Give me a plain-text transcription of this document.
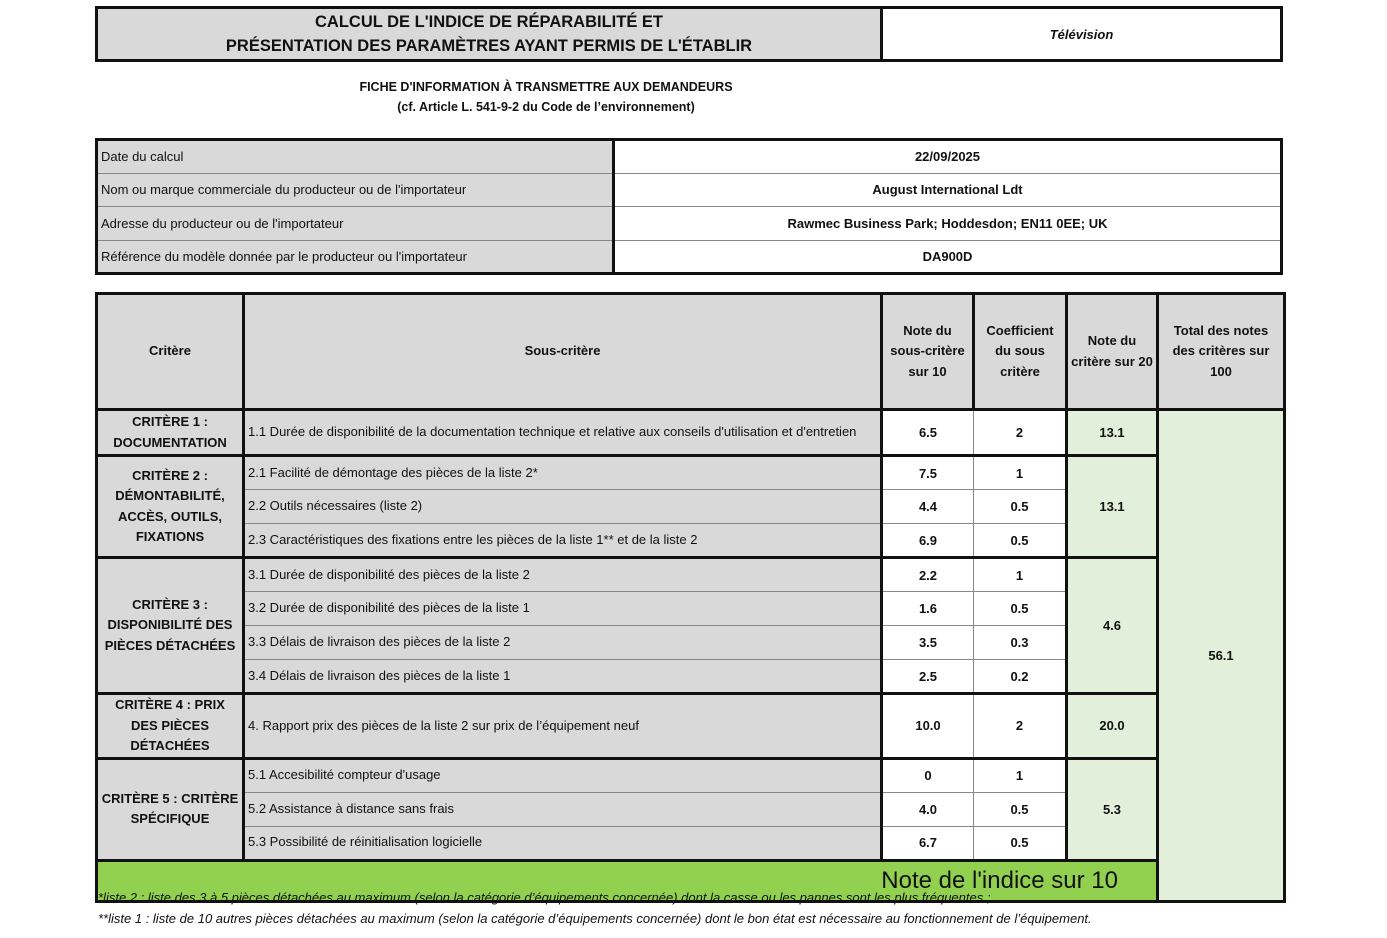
CALCUL DE L'INDICE DE RÉPARABILITÉ ET
PRÉSENTATION DES PARAMÈTRES AYANT PERMIS DE L'ÉTABLIR
Télévision
FICHE D'INFORMATION À TRANSMETTRE AUX DEMANDEURS
(cf. Article L. 541-9-2 du Code de l’environnement)
Date du calcul	22/09/2025
Nom ou marque commerciale du producteur ou de l'importateur	August International Ldt
Adresse du producteur ou de l'importateur	Rawmec Business Park; Hoddesdon; EN11 0EE; UK
Référence du modèle donnée par le producteur ou l'importateur	DA900D
Critère	Sous-critère	Note du sous-critère sur 10	Coefficient du sous critère	Note du critère sur 20	Total des notes des critères sur 100	
CRITÈRE 1 : DOCUMENTATION	1.1 Durée de disponibilité de la documentation technique et relative aux conseils d'utilisation et d'entretien	6.5	2	13.1	56.1	
CRITÈRE 2 : DÉMONTABILITÉ, ACCÈS, OUTILS, FIXATIONS	2.1 Facilité de démontage des pièces de la liste 2*	7.5	1	13.1		
	2.2 Outils nécessaires (liste 2)	4.4	0.5			
	2.3 Caractéristiques des fixations entre les pièces de la liste 1** et de la liste 2	6.9	0.5			
CRITÈRE 3 : DISPONIBILITÉ DES PIÈCES DÉTACHÉES	3.1 Durée de disponibilité des pièces de la liste 2	2.2	1	4.6		
	3.2 Durée de disponibilité des pièces de la liste 1	1.6	0.5			
	3.3 Délais de livraison des pièces de la liste 2	3.5	0.3			
	3.4 Délais de livraison des pièces de la liste 1	2.5	0.2			
CRITÈRE 4 : PRIX DES PIÈCES DÉTACHÉES	4. Rapport prix des pièces de la liste 2 sur prix de l’équipement neuf	10.0	2	20.0		
CRITÈRE 5 : CRITÈRE SPÉCIFIQUE	5.1 Accesibilité compteur d'usage	0	1	5.3		
	5.2 Assistance à distance sans frais	4.0	0.5			
	5.3 Possibilité de réinitialisation logicielle	6.7	0.5			
Note de l'indice sur 10	
*liste 2 : liste des 3 à 5 pièces détachées au maximum (selon la catégorie d’équipements concernée) dont la casse ou les pannes sont les plus fréquentes ;
**liste 1 : liste de 10 autres pièces détachées au maximum (selon la catégorie d’équipements concernée) dont le bon état est nécessaire au fonctionnement de l’équipement.
